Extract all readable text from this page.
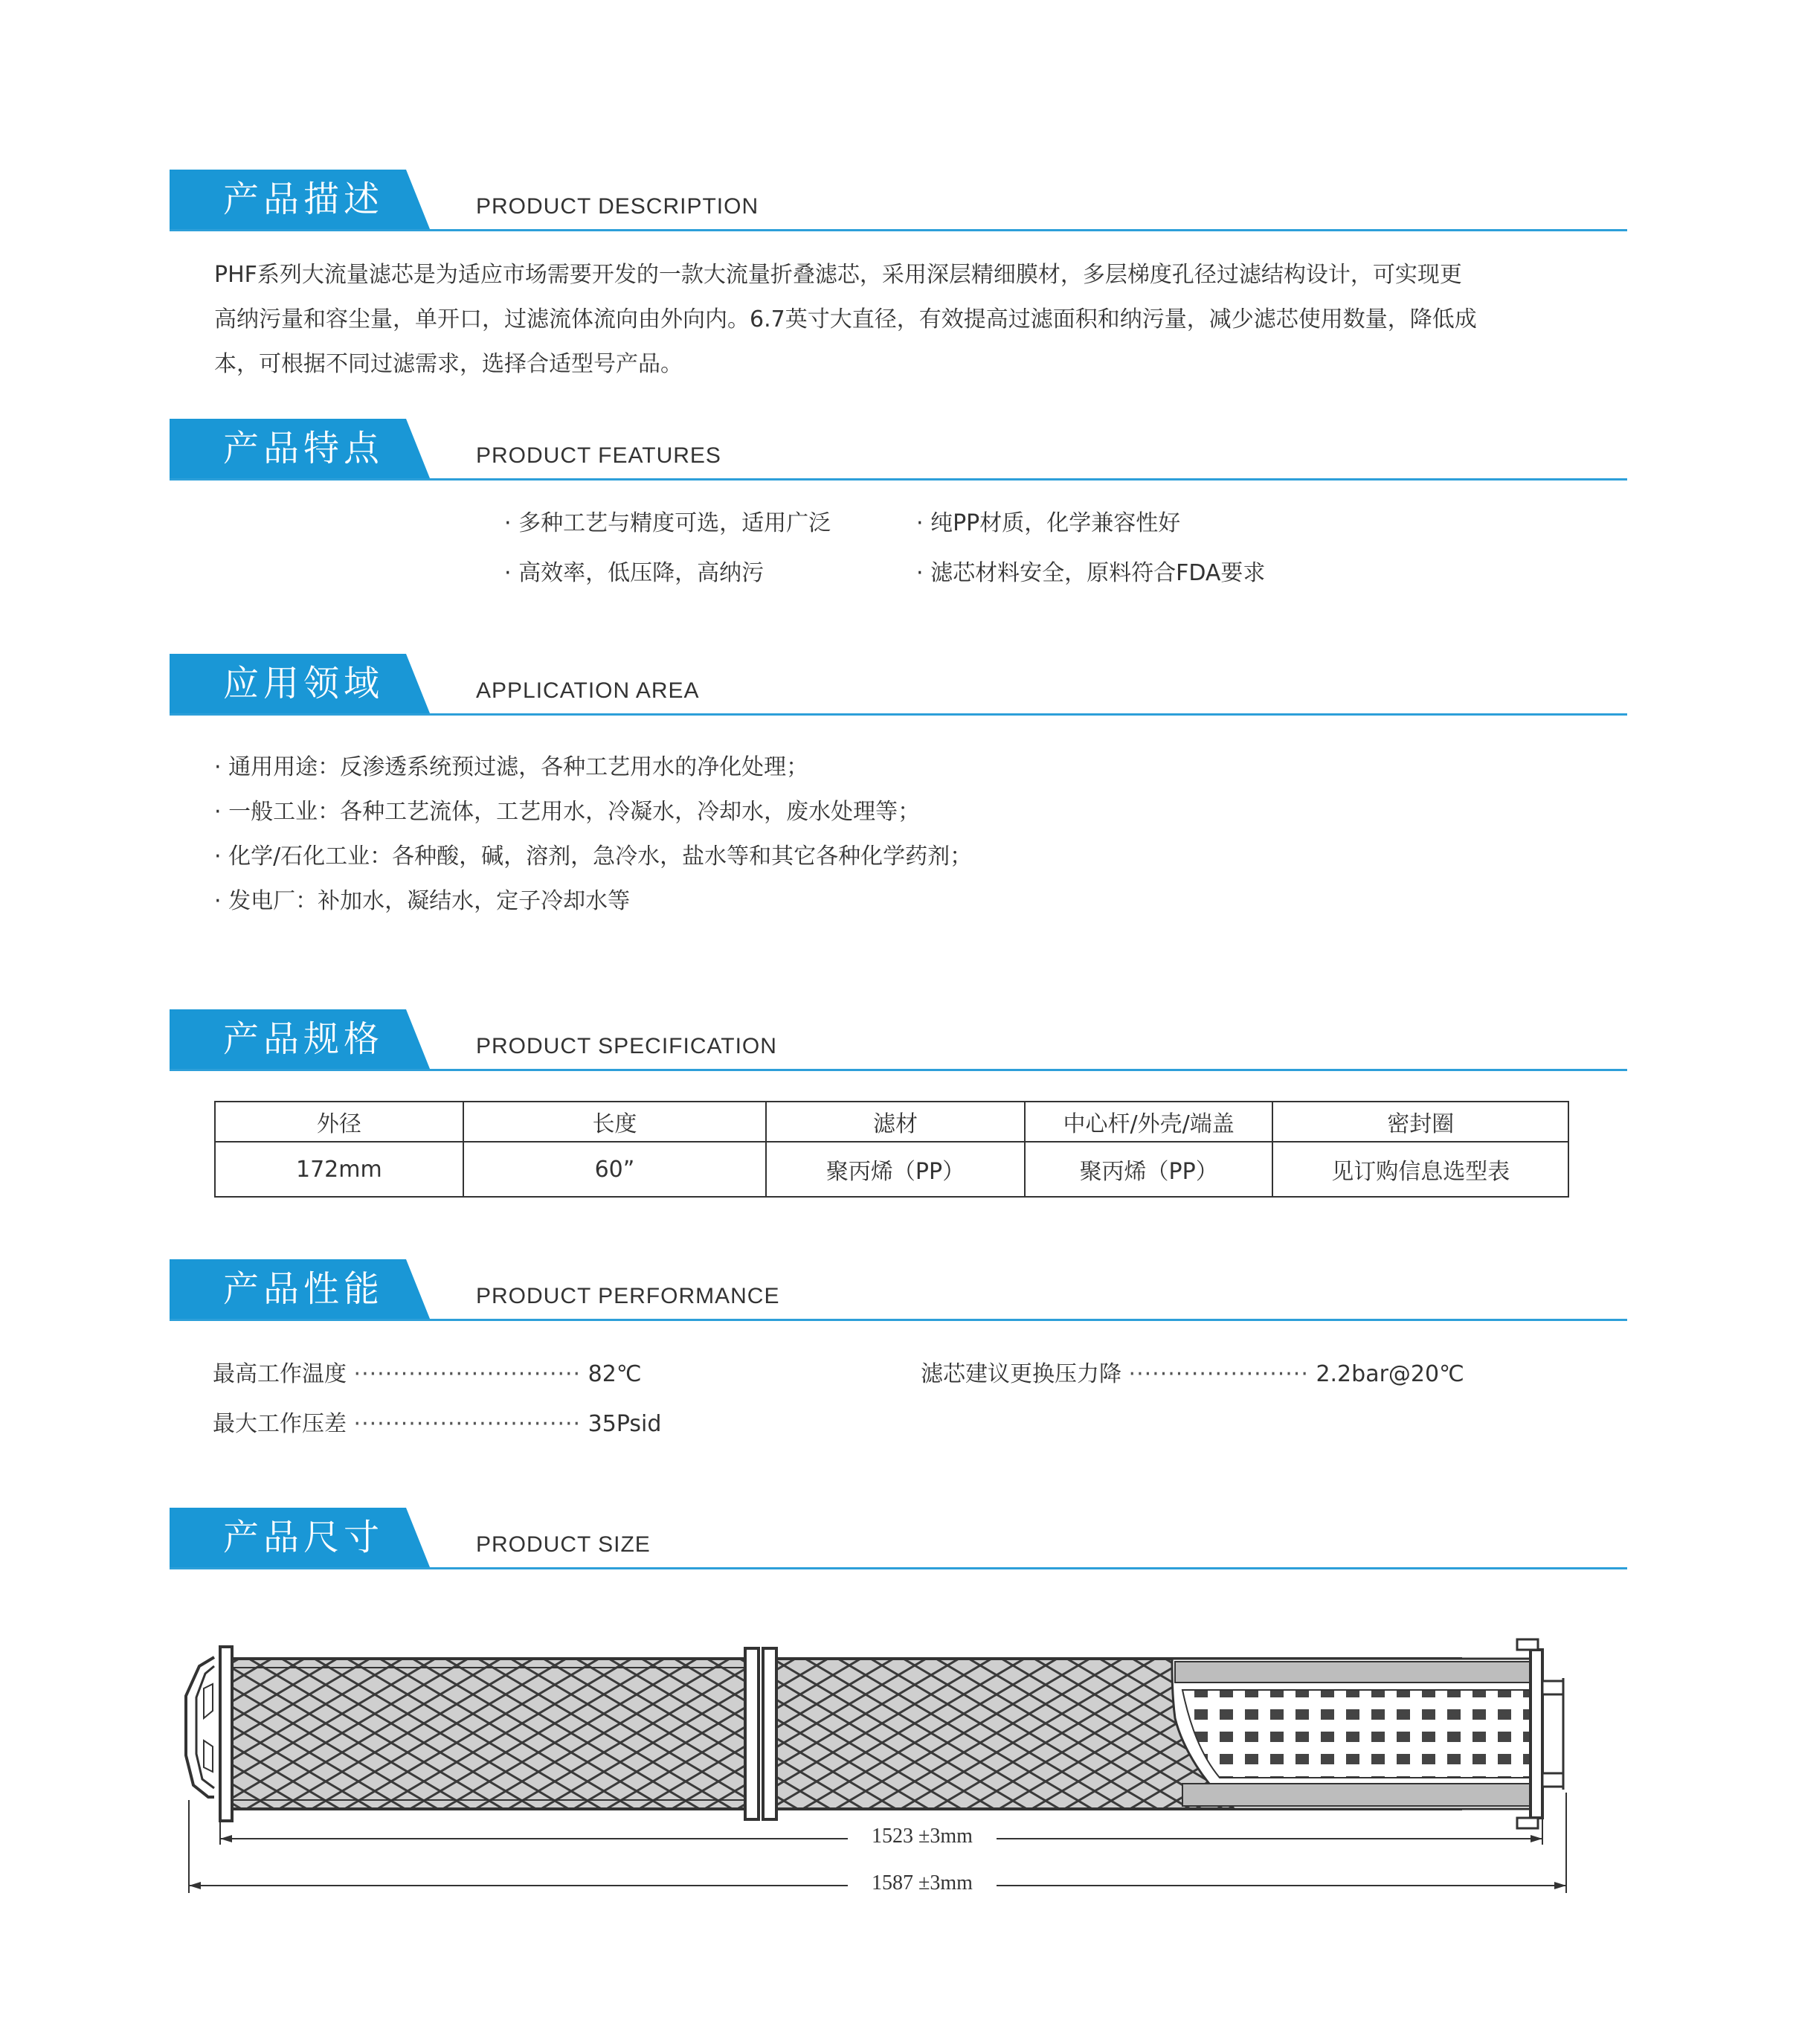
产品描述	PRODUCT DESCRIPTION

PHF系列大流量滤芯是为适应市场需要开发的一款大流量折叠滤芯，采用深层精细膜材，多层梯度孔径过滤结构设计，可实现更

高纳污量和容尘量，单开口，过滤流体流向由外向内。6.7英寸大直径，有效提高过滤面积和纳污量，减少滤芯使用数量，降低成

本，可根据不同过滤需求，选择合适型号产品。

产品特点	PRODUCT FEATURES
· 多种工艺与精度可选，适用广泛	· 纯PP材质，化学兼容性好
· 高效率，低压降，高纳污	· 滤芯材料安全，原料符合FDA要求
应用领域	APPLICATION AREA
· 通用用途：反渗透系统预过滤，各种工艺用水的净化处理；
· 一般工业：各种工艺流体，工艺用水，冷凝水，冷却水，废水处理等；
· 化学/石化工业：各种酸，碱，溶剂，急冷水，盐水等和其它各种化学药剂；
· 发电厂：补加水，凝结水，定子冷却水等
产品规格	PRODUCT SPECIFICATION
外径	长度	滤材	中心杆/外壳/端盖	密封圈
172mm	60”	聚丙烯（PP）	聚丙烯（PP）	见订购信息选型表
产品性能	PRODUCT PERFORMANCE
最高工作温度 ····························· 82℃
最大工作压差 ····························· 35Psid
滤芯建议更换压力降 ······················· 2.2bar@20℃
产品尺寸	PRODUCT SIZE
1523 ±3mm
1587 ±3mm
